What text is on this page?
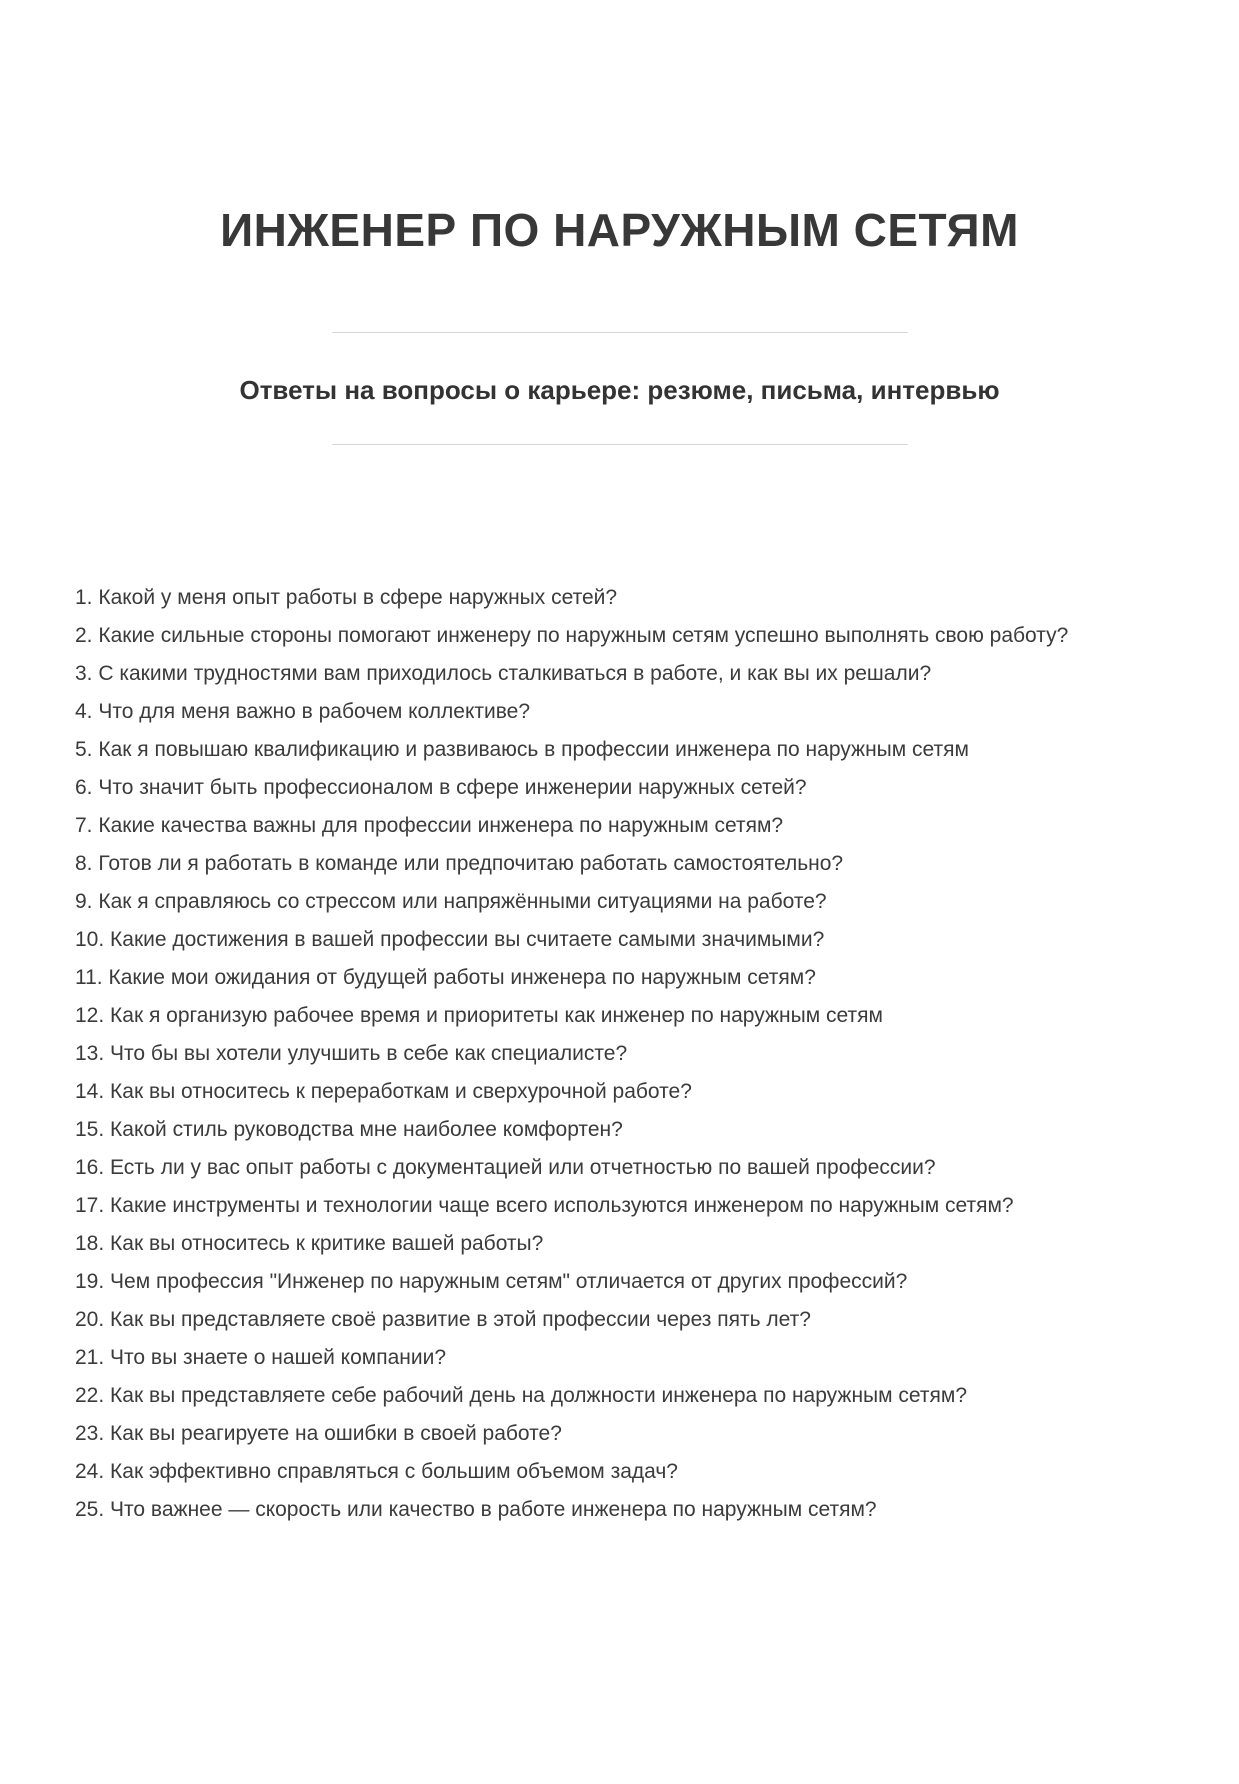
ИНЖЕНЕР ПО НАРУЖНЫМ СЕТЯМ
Ответы на вопросы о карьере: резюме, письма, интервью
1. Какой у меня опыт работы в сфере наружных сетей?
2. Какие сильные стороны помогают инженеру по наружным сетям успешно выполнять свою работу?
3. С какими трудностями вам приходилось сталкиваться в работе, и как вы их решали?
4. Что для меня важно в рабочем коллективе?
5. Как я повышаю квалификацию и развиваюсь в профессии инженера по наружным сетям
6. Что значит быть профессионалом в сфере инженерии наружных сетей?
7. Какие качества важны для профессии инженера по наружным сетям?
8. Готов ли я работать в команде или предпочитаю работать самостоятельно?
9. Как я справляюсь со стрессом или напряжёнными ситуациями на работе?
10. Какие достижения в вашей профессии вы считаете самыми значимыми?
11. Какие мои ожидания от будущей работы инженера по наружным сетям?
12. Как я организую рабочее время и приоритеты как инженер по наружным сетям
13. Что бы вы хотели улучшить в себе как специалисте?
14. Как вы относитесь к переработкам и сверхурочной работе?
15. Какой стиль руководства мне наиболее комфортен?
16. Есть ли у вас опыт работы с документацией или отчетностью по вашей профессии?
17. Какие инструменты и технологии чаще всего используются инженером по наружным сетям?
18. Как вы относитесь к критике вашей работы?
19. Чем профессия "Инженер по наружным сетям" отличается от других профессий?
20. Как вы представляете своё развитие в этой профессии через пять лет?
21. Что вы знаете о нашей компании?
22. Как вы представляете себе рабочий день на должности инженера по наружным сетям?
23. Как вы реагируете на ошибки в своей работе?
24. Как эффективно справляться с большим объемом задач?
25. Что важнее — скорость или качество в работе инженера по наружным сетям?
